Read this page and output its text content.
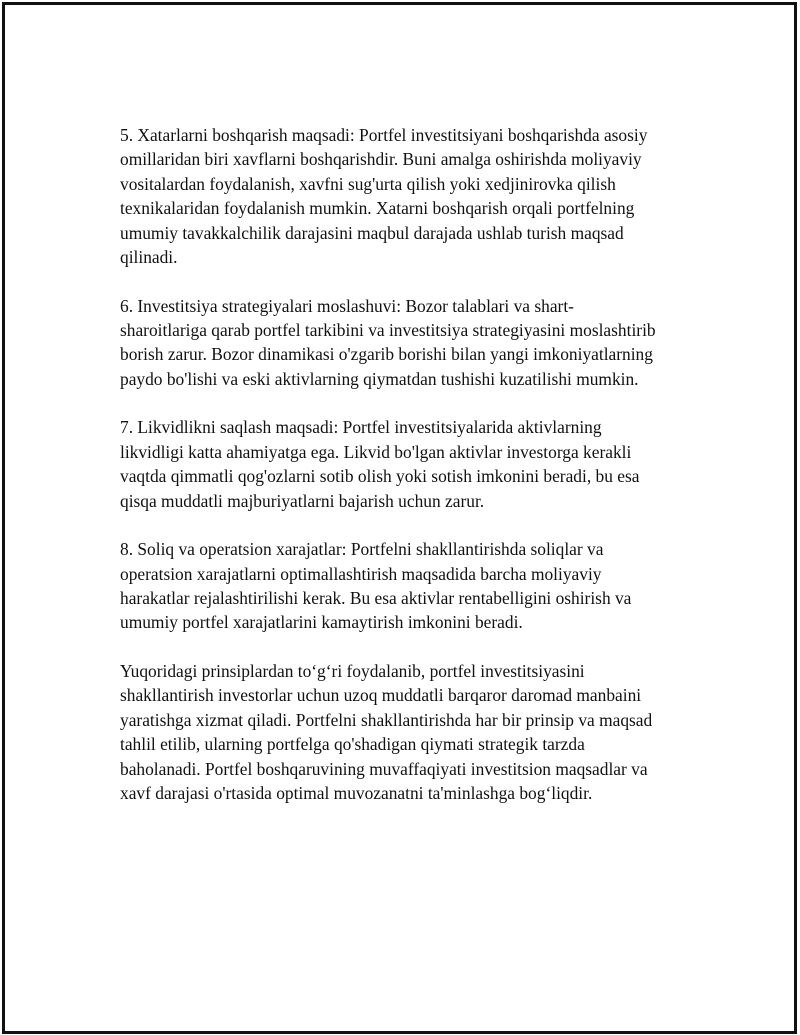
5. Xatarlarni boshqarish maqsadi: Portfel investitsiyani boshqarishda asosiy
omillaridan biri xavflarni boshqarishdir. Buni amalga oshirishda moliyaviy
vositalardan foydalanish, xavfni sug'urta qilish yoki xedjinirovka qilish
texnikalaridan foydalanish mumkin. Xatarni boshqarish orqali portfelning
umumiy tavakkalchilik darajasini maqbul darajada ushlab turish maqsad
qilinadi.

6. Investitsiya strategiyalari moslashuvi: Bozor talablari va shart-
sharoitlariga qarab portfel tarkibini va investitsiya strategiyasini moslashtirib
borish zarur. Bozor dinamikasi o'zgarib borishi bilan yangi imkoniyatlarning
paydo bo'lishi va eski aktivlarning qiymatdan tushishi kuzatilishi mumkin.

7. Likvidlikni saqlash maqsadi: Portfel investitsiyalarida aktivlarning
likvidligi katta ahamiyatga ega. Likvid bo'lgan aktivlar investorga kerakli
vaqtda qimmatli qog'ozlarni sotib olish yoki sotish imkonini beradi, bu esa
qisqa muddatli majburiyatlarni bajarish uchun zarur.

8. Soliq va operatsion xarajatlar: Portfelni shakllantirishda soliqlar va
operatsion xarajatlarni optimallashtirish maqsadida barcha moliyaviy
harakatlar rejalashtirilishi kerak. Bu esa aktivlar rentabelligini oshirish va
umumiy portfel xarajatlarini kamaytirish imkonini beradi.

Yuqoridagi prinsiplardan to‘g‘ri foydalanib, portfel investitsiyasini
shakllantirish investorlar uchun uzoq muddatli barqaror daromad manbaini
yaratishga xizmat qiladi. Portfelni shakllantirishda har bir prinsip va maqsad
tahlil etilib, ularning portfelga qo'shadigan qiymati strategik tarzda
baholanadi. Portfel boshqaruvining muvaffaqiyati investitsion maqsadlar va
xavf darajasi o'rtasida optimal muvozanatni ta'minlashga bog‘liqdir.
